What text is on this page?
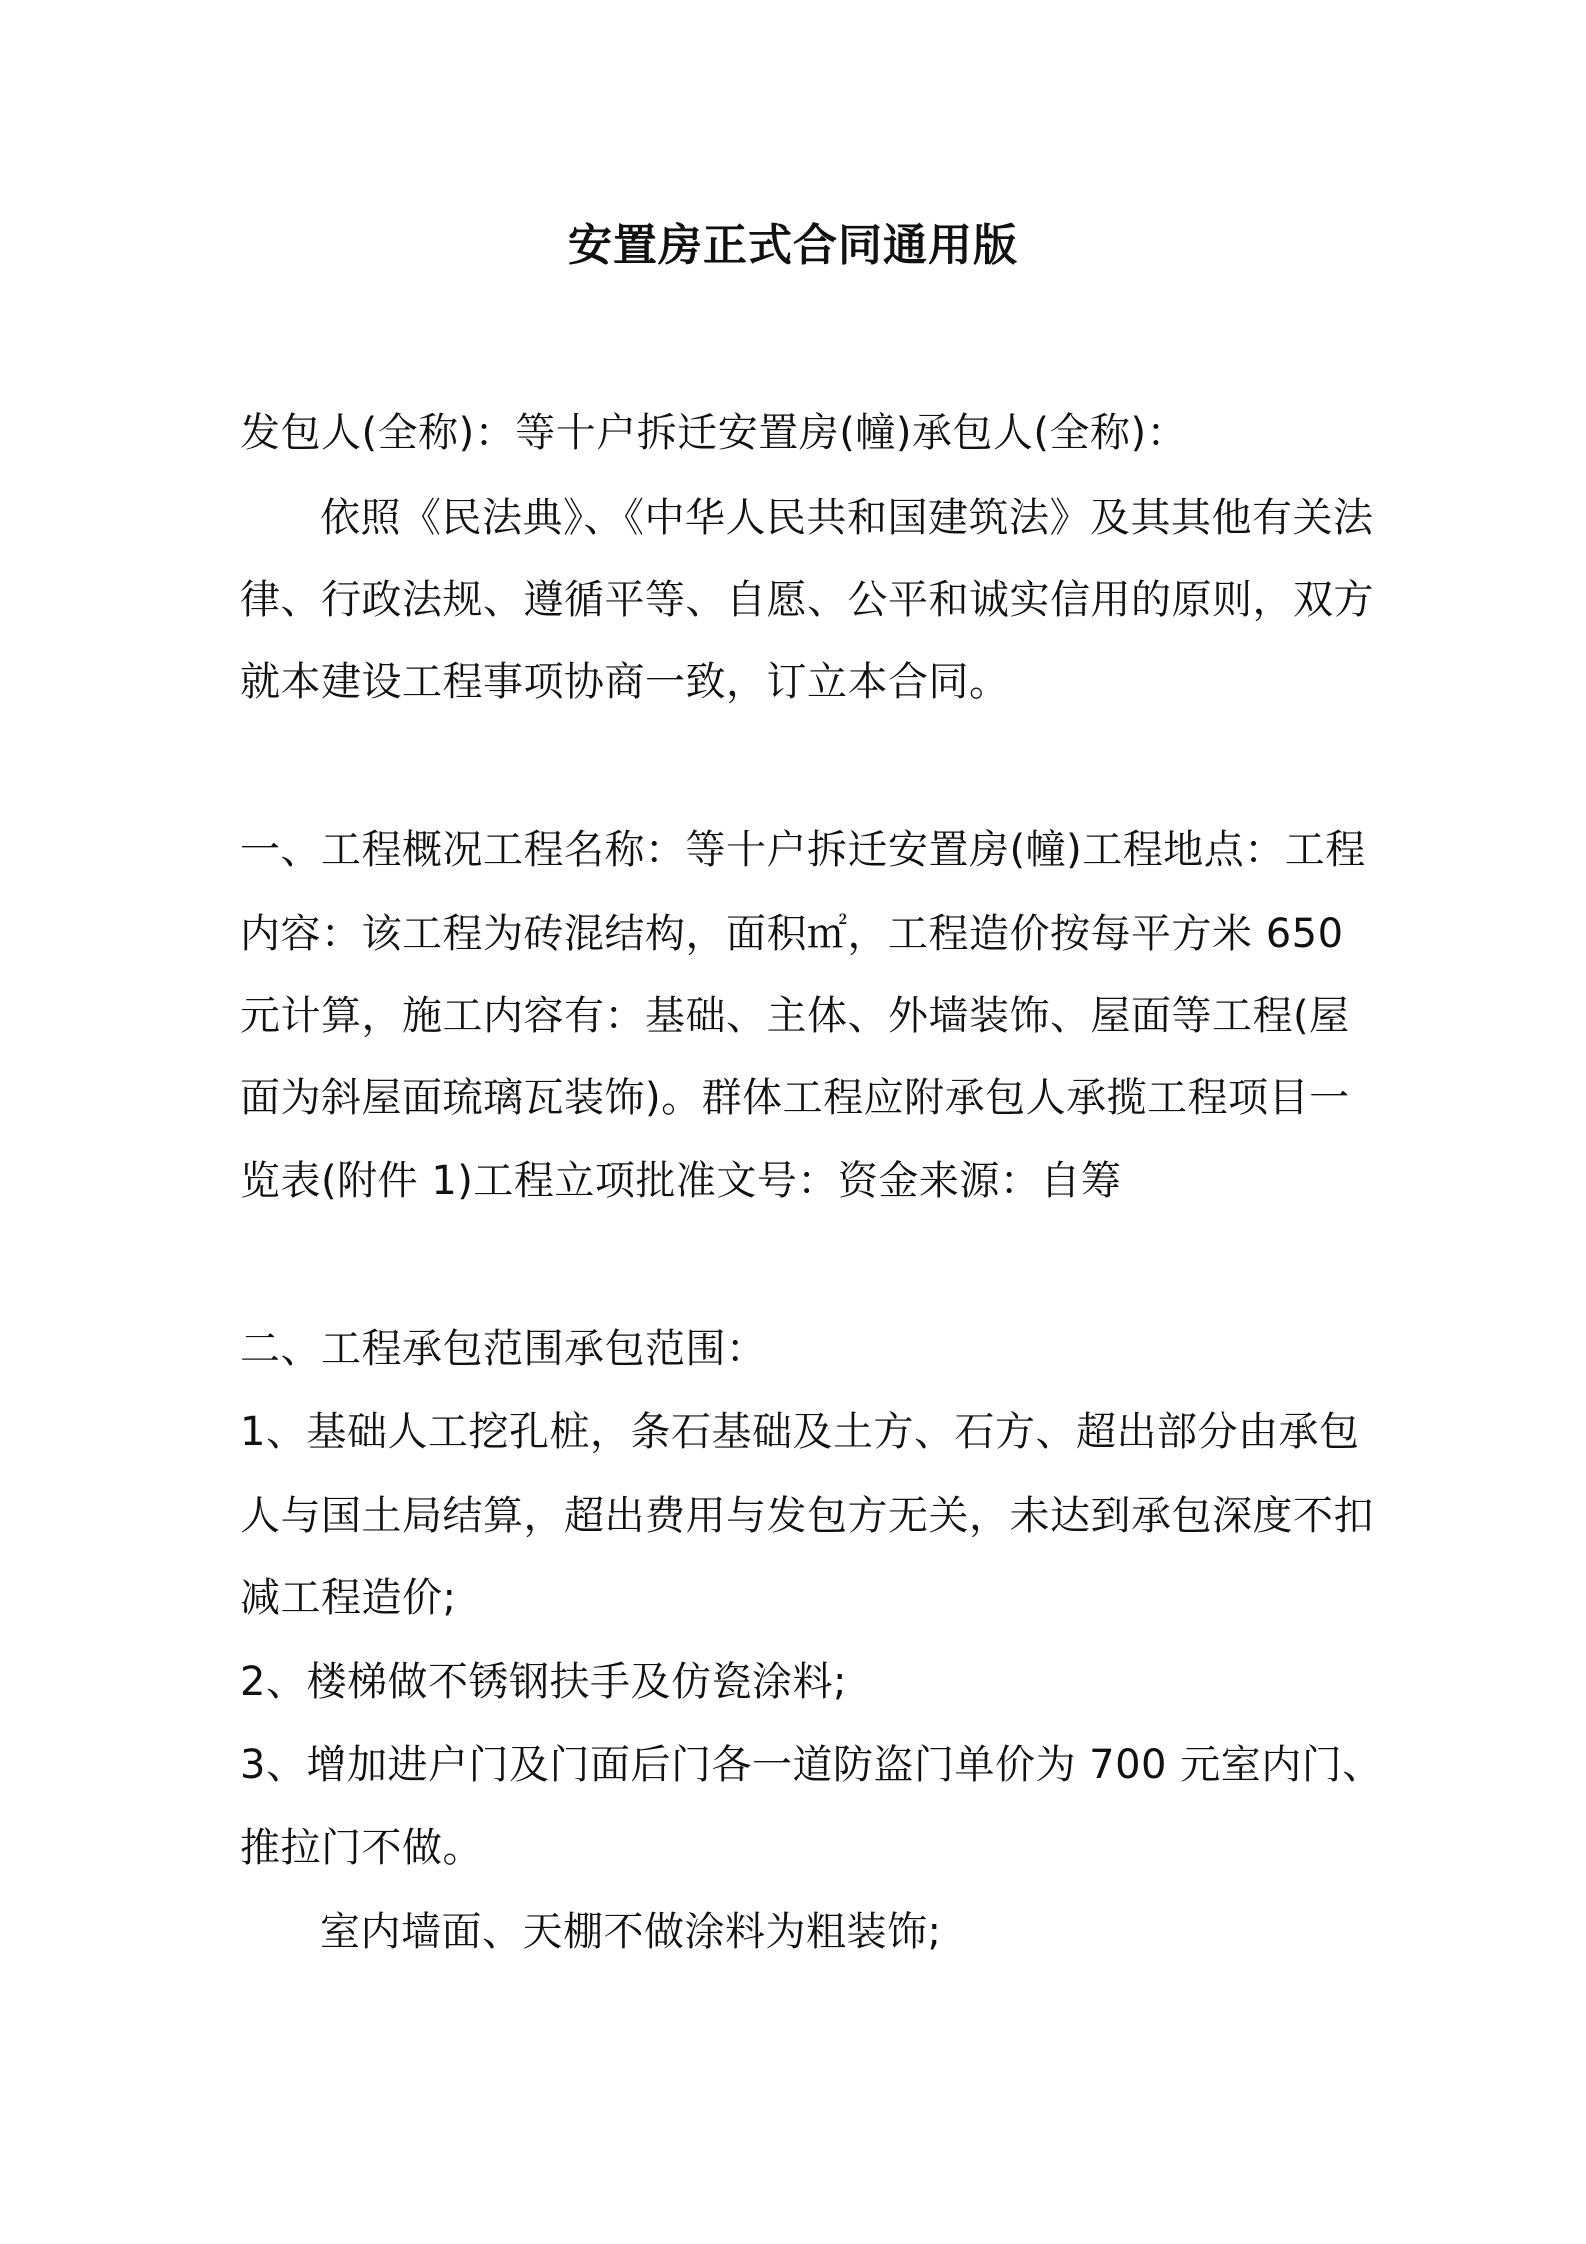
安置房正式合同通用版
发包人(全称)：等十户拆迁安置房(幢)承包人(全称)：
依照《民法典》、《中华人民共和国建筑法》及其其他有关法
律、行政法规、遵循平等、自愿、公平和诚实信用的原则，双方
就本建设工程事项协商一致，订立本合同。
一、工程概况工程名称：等十户拆迁安置房(幢)工程地点：工程
内容：该工程为砖混结构，面积㎡，工程造价按每平方米 650
元计算，施工内容有：基础、主体、外墙装饰、屋面等工程(屋
面为斜屋面琉璃瓦装饰)。群体工程应附承包人承揽工程项目一
览表(附件 1)工程立项批准文号：资金来源：自筹
二、工程承包范围承包范围：
1、基础人工挖孔桩，条石基础及土方、石方、超出部分由承包
人与国土局结算，超出费用与发包方无关，未达到承包深度不扣
减工程造价;
2、楼梯做不锈钢扶手及仿瓷涂料;
3、增加进户门及门面后门各一道防盗门单价为 700 元室内门、
推拉门不做。
室内墙面、天棚不做涂料为粗装饰;
